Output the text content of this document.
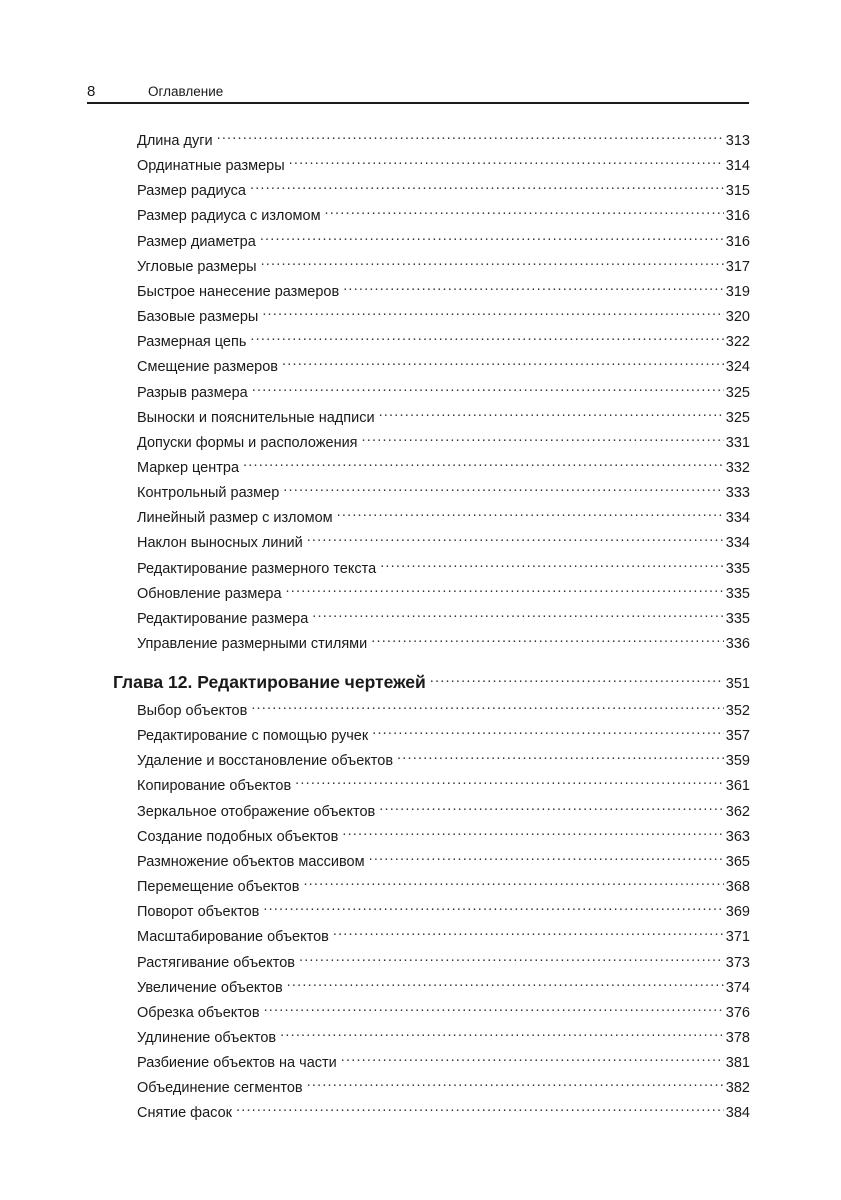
8	Оглавление
Длина дуги .....	313
Ординатные размеры .....	314
Размер радиуса .....	315
Размер радиуса с изломом .....	316
Размер диаметра .....	316
Угловые размеры .....	317
Быстрое нанесение размеров .....	319
Базовые размеры .....	320
Размерная цепь .....	322
Смещение размеров .....	324
Разрыв размера .....	325
Выноски и пояснительные надписи .....	325
Допуски формы и расположения .....	331
Маркер центра .....	332
Контрольный размер .....	333
Линейный размер с изломом .....	334
Наклон выносных линий .....	334
Редактирование размерного текста .....	335
Обновление размера .....	335
Редактирование размера .....	335
Управление размерными стилями .....	336
Глава 12. Редактирование чертежей .....	351
Выбор объектов .....	352
Редактирование с помощью ручек .....	357
Удаление и восстановление объектов .....	359
Копирование объектов .....	361
Зеркальное отображение объектов .....	362
Создание подобных объектов .....	363
Размножение объектов массивом .....	365
Перемещение объектов .....	368
Поворот объектов .....	369
Масштабирование объектов .....	371
Растягивание объектов .....	373
Увеличение объектов .....	374
Обрезка объектов .....	376
Удлинение объектов .....	378
Разбиение объектов на части .....	381
Объединение сегментов .....	382
Снятие фасок .....	384
